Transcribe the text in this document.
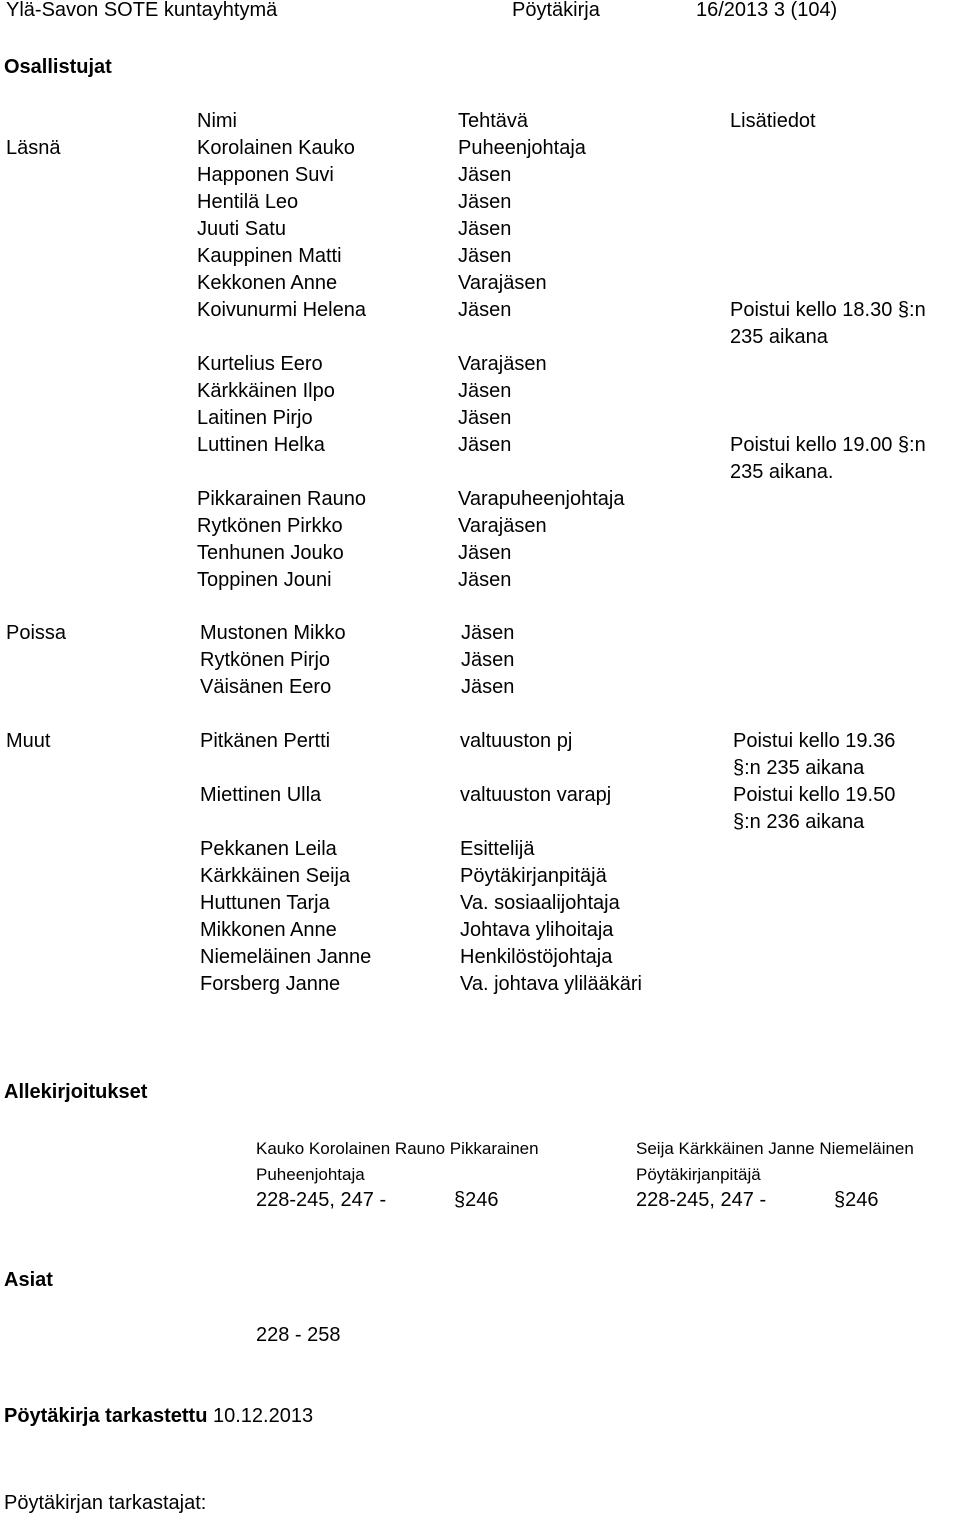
Ylä-Savon SOTE kuntayhtymä	Pöytäkirja	16/2013 3 (104)
Osallistujat
Nimi	Tehtävä	Lisätiedot
Läsnä	Korolainen Kauko	Puheenjohtaja
Happonen Suvi	Jäsen
Hentilä Leo	Jäsen
Juuti Satu	Jäsen
Kauppinen Matti	Jäsen
Kekkonen Anne	Varajäsen
Koivunurmi Helena	Jäsen	Poistui kello 18.30 §:n
235 aikana
Kurtelius Eero	Varajäsen
Kärkkäinen Ilpo	Jäsen
Laitinen Pirjo	Jäsen
Luttinen Helka	Jäsen	Poistui kello 19.00 §:n
235 aikana.
Pikkarainen Rauno	Varapuheenjohtaja
Rytkönen Pirkko	Varajäsen
Tenhunen Jouko	Jäsen
Toppinen Jouni	Jäsen
Poissa	Mustonen Mikko	Jäsen
Rytkönen Pirjo	Jäsen
Väisänen Eero	Jäsen
Muut	Pitkänen Pertti	valtuuston pj	Poistui kello 19.36
§:n 235 aikana
Miettinen Ulla	valtuuston varapj	Poistui kello 19.50
§:n 236 aikana
Pekkanen Leila	Esittelijä
Kärkkäinen Seija	Pöytäkirjanpitäjä
Huttunen Tarja	Va. sosiaalijohtaja
Mikkonen Anne	Johtava ylihoitaja
Niemeläinen Janne	Henkilöstöjohtaja
Forsberg Janne	Va. johtava ylilääkäri
Allekirjoitukset
Kauko Korolainen Rauno Pikkarainen
Puheenjohtaja
228-245, 247 -	§246
Seija Kärkkäinen Janne Niemeläinen
Pöytäkirjanpitäjä
228-245, 247 -	§246
Asiat
228 - 258
Pöytäkirja tarkastettu 10.12.2013
Pöytäkirjan tarkastajat:
